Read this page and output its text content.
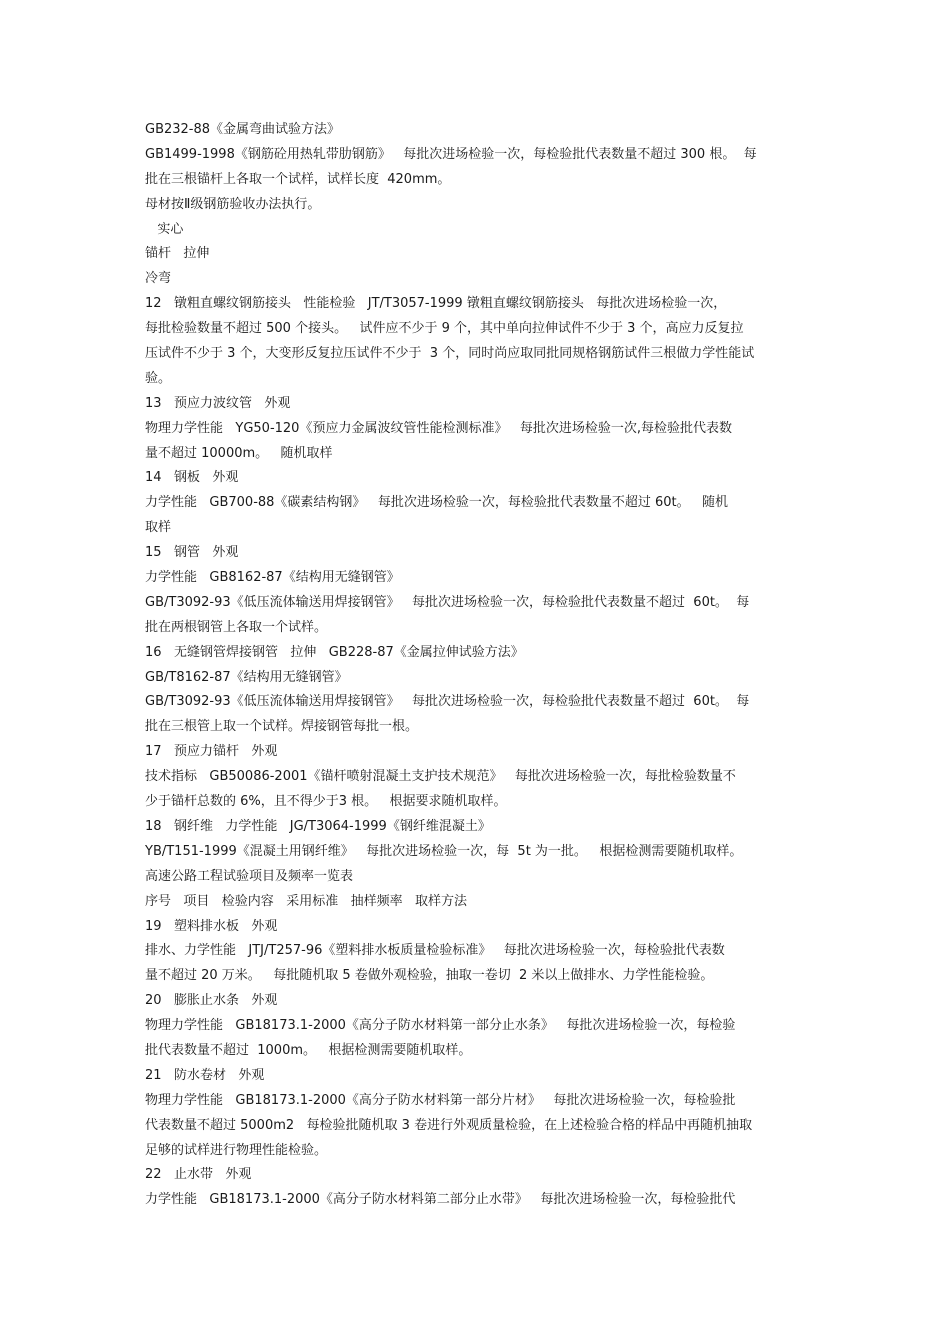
GB232-88《金属弯曲试验方法》
GB1499-1998《钢筋砼用热轧带肋钢筋》   每批次进场检验一次，每检验批代表数量不超过 300 根。  每
批在三根锚杆上各取一个试样，试样长度  420mm。
母材按Ⅱ级钢筋验收办法执行。
实心
锚杆   拉伸
冷弯
12   镦粗直螺纹钢筋接头   性能检验   JT/T3057-1999 镦粗直螺纹钢筋接头   每批次进场检验一次，
每批检验数量不超过 500 个接头。   试件应不少于 9 个，其中单向拉伸试件不少于 3 个，高应力反复拉
压试件不少于 3 个，大变形反复拉压试件不少于  3 个，同时尚应取同批同规格钢筋试件三根做力学性能试
验。
13   预应力波纹管   外观
物理力学性能   YG50-120《预应力金属波纹管性能检测标准》   每批次进场检验一次,每检验批代表数
量不超过 10000m。   随机取样
14   钢板   外观
力学性能   GB700-88《碳素结构钢》   每批次进场检验一次，每检验批代表数量不超过 60t。   随机
取样
15   钢管   外观
力学性能   GB8162-87《结构用无缝钢管》
GB/T3092-93《低压流体输送用焊接钢管》   每批次进场检验一次，每检验批代表数量不超过  60t。  每
批在两根钢管上各取一个试样。
16   无缝钢管焊接钢管   拉伸   GB228-87《金属拉伸试验方法》
GB/T8162-87《结构用无缝钢管》
GB/T3092-93《低压流体输送用焊接钢管》   每批次进场检验一次，每检验批代表数量不超过  60t。  每
批在三根管上取一个试样。焊接钢管每批一根。
17   预应力锚杆   外观
技术指标   GB50086-2001《锚杆喷射混凝土支护技术规范》   每批次进场检验一次，每批检验数量不
少于锚杆总数的 6%，且不得少于3 根。   根据要求随机取样。
18   钢纤维   力学性能   JG/T3064-1999《钢纤维混凝土》
YB/T151-1999《混凝土用钢纤维》   每批次进场检验一次，每  5t 为一批。   根据检测需要随机取样。
高速公路工程试验项目及频率一览表
序号   项目   检验内容   采用标准   抽样频率   取样方法
19   塑料排水板   外观
排水、力学性能   JTJ/T257-96《塑料排水板质量检验标准》   每批次进场检验一次，每检验批代表数
量不超过 20 万米。   每批随机取 5 卷做外观检验，抽取一卷切  2 米以上做排水、力学性能检验。
20   膨胀止水条   外观
物理力学性能   GB18173.1-2000《高分子防水材料第一部分止水条》   每批次进场检验一次，每检验
批代表数量不超过  1000m。   根据检测需要随机取样。
21   防水卷材   外观
物理力学性能   GB18173.1-2000《高分子防水材料第一部分片材》   每批次进场检验一次，每检验批
代表数量不超过 5000m2   每检验批随机取 3 卷进行外观质量检验，在上述检验合格的样品中再随机抽取
足够的试样进行物理性能检验。
22   止水带   外观
力学性能   GB18173.1-2000《高分子防水材料第二部分止水带》   每批次进场检验一次，每检验批代
